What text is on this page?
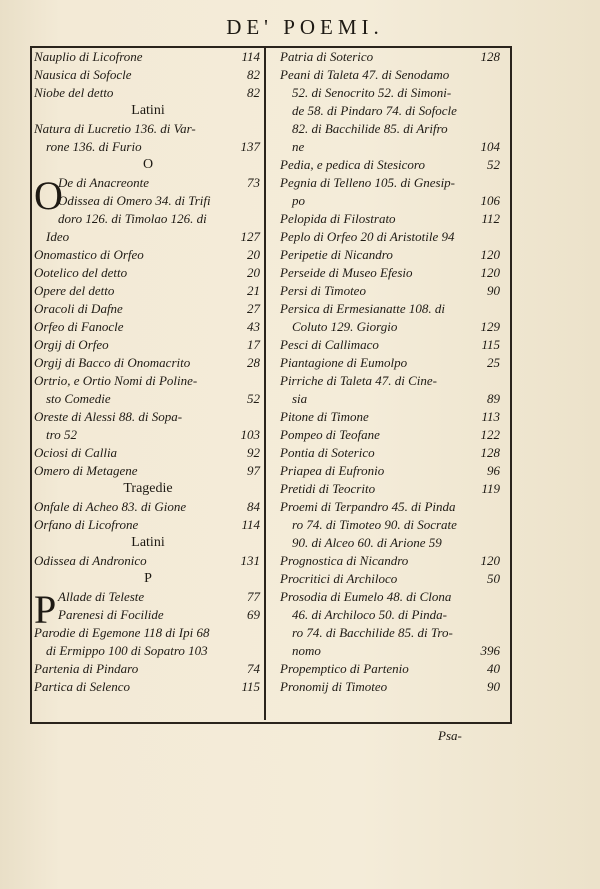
DE' POEMI.
Nauplio di Licofrone	114
Nausica di Sofocle	82
Niobe del detto	82
Latini
Natura di Lucretio 136. di Var-
rone 136. di Furio	137
O
O
De di Anacreonte	73
Odissea di Omero 34. di Trifi
doro 126. di Timolao 126. di
Ideo	127
Onomastico di Orfeo	20
Ootelico del detto	20
Opere del detto	21
Oracoli di Dafne	27
Orfeo di Fanocle	43
Orgij di Orfeo	17
Orgij di Bacco di Onomacrito	28
Ortrio, e Ortio Nomi di Poline-
sto Comedie	52
Oreste di Alessi 88. di Sopa-
tro 52	103
Ociosi di Callia	92
Omero di Metagene	97
Tragedie
Onfale di Acheo 83. di Gione	84
Orfano di Licofrone	114
Latini
Odissea di Andronico	131
P
P Allade di Teleste	77
Parenesi di Focilide	69
Parodie di Egemone 118 di Ipi 68
di Ermippo 100 di Sopatro 103
Partenia di Pindaro	74
Partica di Selenco	115
Patria di Soterico	128
Peani di Taleta 47. di Senodamo
52. di Senocrito 52. di Simoni-
de 58. di Pindaro 74. di Sofocle
82. di Bacchilide 85. di Arifro
ne	104
Pedia, e pedica di Stesicoro	52
Pegnia di Telleno 105. di Gnesip-
po	106
Pelopida di Filostrato	112
Peplo di Orfeo 20 di Aristotile 94
Peripetie di Nicandro	120
Perseide di Museo Efesio	120
Persi di Timoteo	90
Persica di Ermesianatte 108. di
Coluto 129. Giorgio	129
Pesci di Callimaco	115
Piantagione di Eumolpo	25
Pirriche di Taleta 47. di Cine-
sia	89
Pitone di Timone	113
Pompeo di Teofane	122
Pontia di Soterico	128
Priapea di Eufronio	96
Pretidi di Teocrito	119
Proemi di Terpandro 45. di Pinda
ro 74. di Timoteo 90. di Socrate
90. di Alceo 60. di Arione 59
Prognostica di Nicandro	120
Procritici di Archiloco	50
Prosodia di Eumelo 48. di Clona
46. di Archiloco 50. di Pinda-
ro 74. di Bacchilide 85. di Tro-
nomo	396
Propemptico di Partenio	40
Pronomij di Timoteo	90
Psa-
